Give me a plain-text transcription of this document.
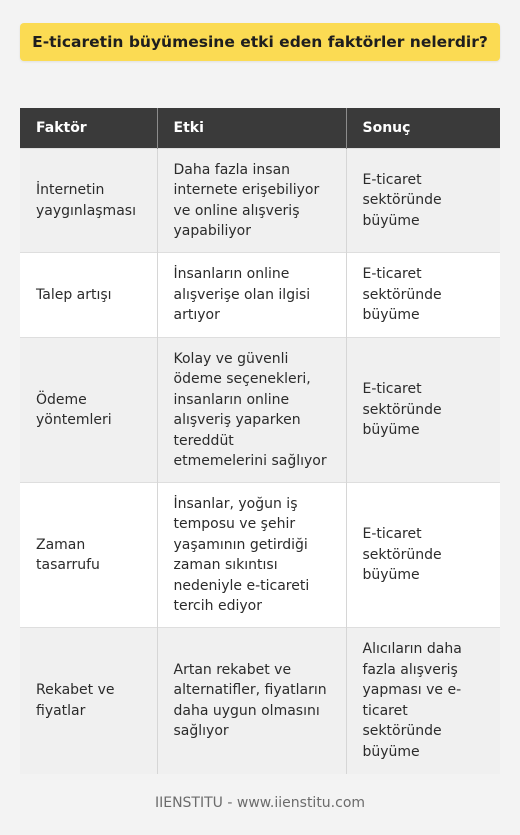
E-ticaretin büyümesine etki eden faktörler nelerdir?
Faktör	Etki	Sonuç
İnternetin yaygınlaşması	Daha fazla insan internete erişebiliyor ve online alışveriş yapabiliyor	E-ticaret sektöründe büyüme
Talep artışı	İnsanların online alışverişe olan ilgisi artıyor	E-ticaret sektöründe büyüme
Ödeme yöntemleri	Kolay ve güvenli ödeme seçenekleri, insanların online alışveriş yaparken tereddüt etmemelerini sağlıyor	E-ticaret sektöründe büyüme
Zaman tasarrufu	İnsanlar, yoğun iş temposu ve şehir yaşamının getirdiği zaman sıkıntısı nedeniyle e-ticareti tercih ediyor	E-ticaret sektöründe büyüme
Rekabet ve fiyatlar	Artan rekabet ve alternatifler, fiyatların daha uygun olmasını sağlıyor	Alıcıların daha fazla alışveriş yapması ve e-ticaret sektöründe büyüme
IIENSTITU - www.iienstitu.com
